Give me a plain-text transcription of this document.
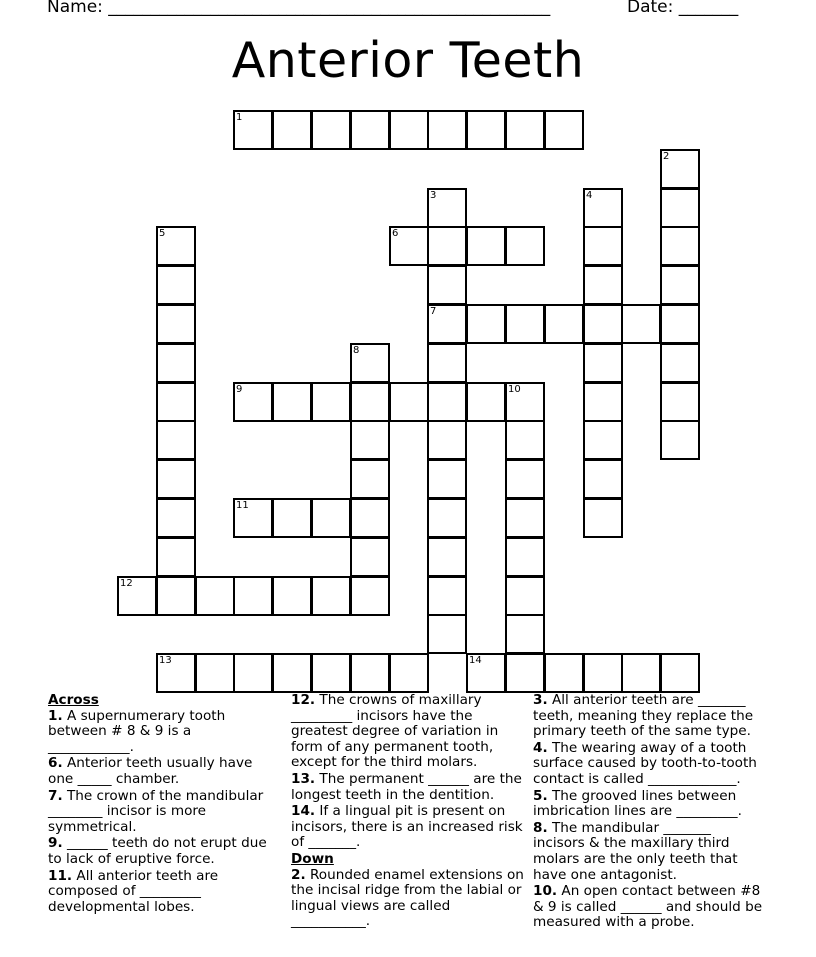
Name: ____________________________________________________	Date: _______
Anterior Teeth
1
2
3
7
4
5	6
8
9	10
11
12
13	14
Across
1. A supernumerary tooth between # 8 & 9 is a ____________.
6. Anterior teeth usually have one _____ chamber.
7. The crown of the mandibular ________ incisor is more symmetrical.
9. ______ teeth do not erupt due to lack of eruptive force.
11. All anterior teeth are composed of _________ developmental lobes.
12. The crowns of maxillary _________ incisors have the greatest degree of variation in form of any permanent tooth, except for the third molars.
13. The permanent ______ are the longest teeth in the dentition.
14. If a lingual pit is present on incisors, there is an increased risk of _______.
Down
2. Rounded enamel extensions on the incisal ridge from the labial or lingual views are called ___________.
3. All anterior teeth are _______ teeth, meaning they replace the primary teeth of the same type.
4. The wearing away of a tooth surface caused by tooth-to-tooth contact is called _____________.
5. The grooved lines between imbrication lines are _________.
8. The mandibular _______ incisors & the maxillary third molars are the only teeth that have one antagonist.
10. An open contact between #8 & 9 is called ______ and should be measured with a probe.
